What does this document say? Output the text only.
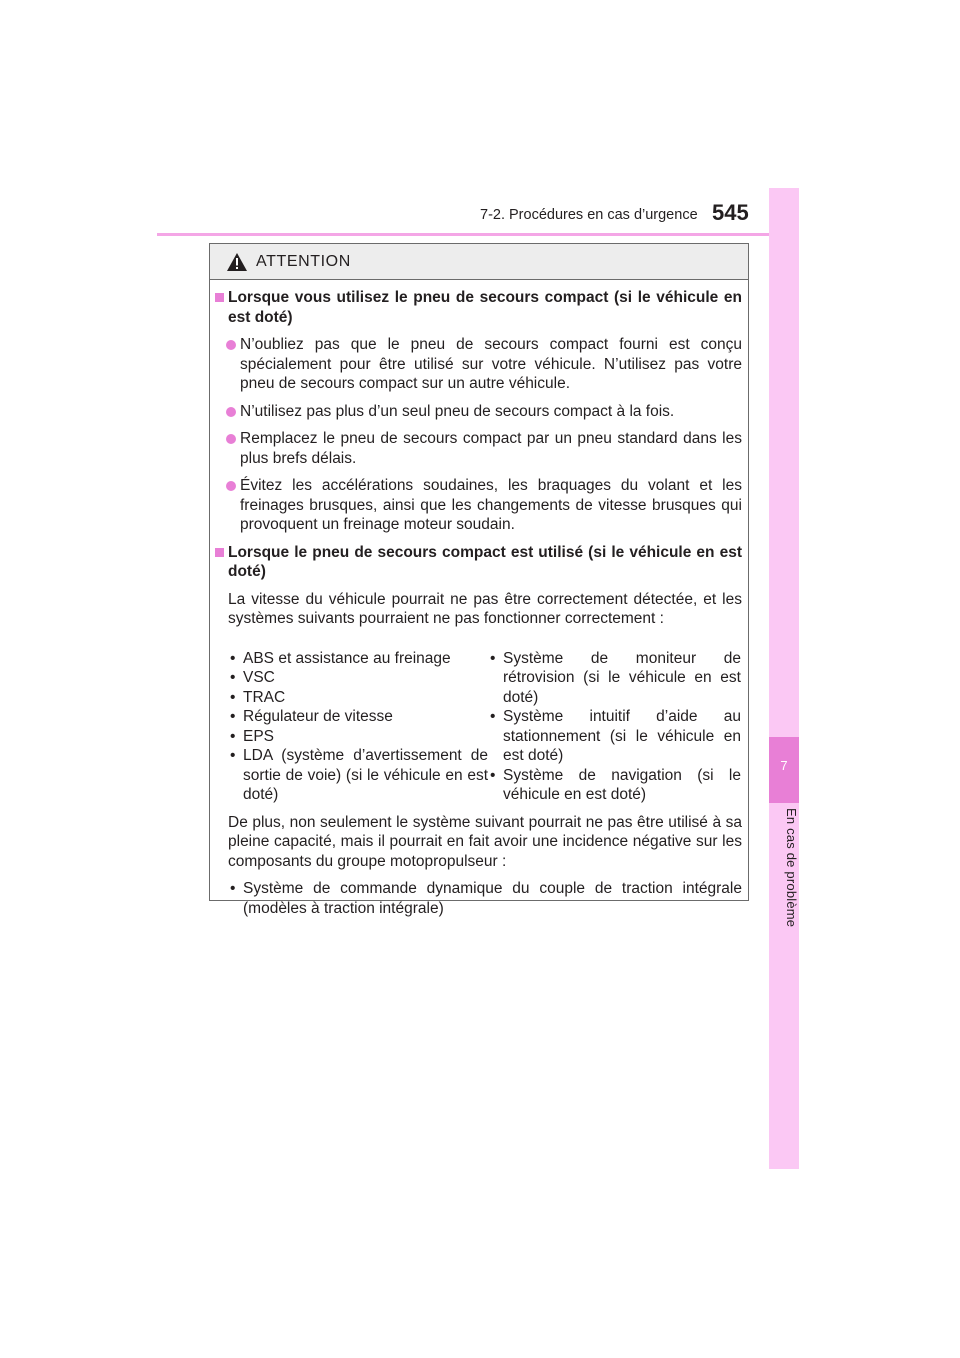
7-2. Procédures en cas d’urgence 545
7
En cas de problème
ATTENTION
Lorsque vous utilisez le pneu de secours compact (si le véhicule en est doté)
N’oubliez pas que le pneu de secours compact fourni est conçu spécialement pour être utilisé sur votre véhicule. N’utilisez pas votre pneu de secours compact sur un autre véhicule.
N’utilisez pas plus d’un seul pneu de secours compact à la fois.
Remplacez le pneu de secours compact par un pneu standard dans les plus brefs délais.
Évitez les accélérations soudaines, les braquages du volant et les freinages brusques, ainsi que les changements de vitesse brusques qui provoquent un freinage moteur soudain.
Lorsque le pneu de secours compact est utilisé (si le véhicule en est doté)
La vitesse du véhicule pourrait ne pas être correctement détectée, et les systèmes suivants pourraient ne pas fonctionner correctement :
• ABS et assistance au freinage
• VSC
• TRAC
• Régulateur de vitesse
• EPS
• LDA (système d’avertissement de sortie de voie) (si le véhicule en est doté)
• Système de moniteur de rétrovision (si le véhicule en est doté)
• Système intuitif d’aide au stationnement (si le véhicule en est doté)
• Système de navigation (si le véhicule en est doté)
De plus, non seulement le système suivant pourrait ne pas être utilisé à sa pleine capacité, mais il pourrait en fait avoir une incidence négative sur les composants du groupe motopropulseur :
• Système de commande dynamique du couple de traction intégrale (modèles à traction intégrale)
